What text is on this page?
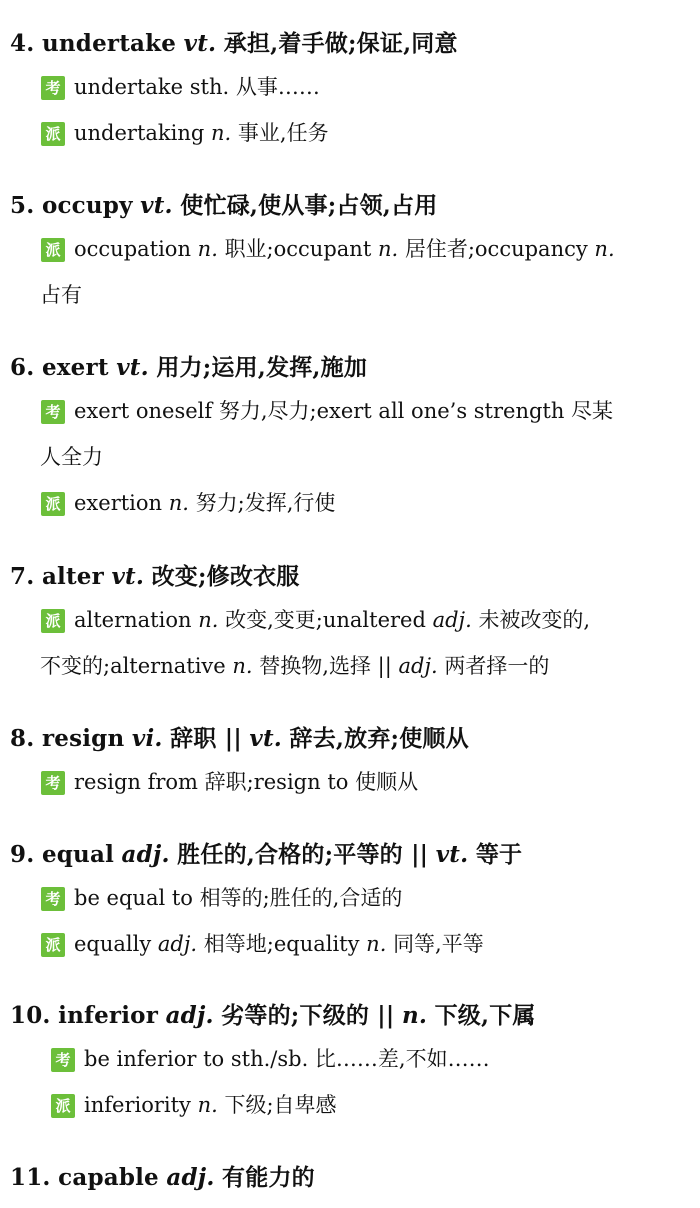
4. undertake vt. 承担,着手做;保证,同意
考 undertake sth. 从事……
派 undertaking n. 事业,任务
5. occupy vt. 使忙碌,使从事;占领,占用
派 occupation n. 职业;occupant n. 居住者;occupancy n.
占有
6. exert vt. 用力;运用,发挥,施加
考 exert oneself 努力,尽力;exert all one’s strength 尽某
人全力
派 exertion n. 努力;发挥,行使
7. alter vt. 改变;修改衣服
派 alternation n. 改变,变更;unaltered adj. 未被改变的,
不变的;alternative n. 替换物,选择 || adj. 两者择一的
8. resign vi. 辞职 || vt. 辞去,放弃;使顺从
考 resign from 辞职;resign to 使顺从
9. equal adj. 胜任的,合格的;平等的 || vt. 等于
考 be equal to 相等的;胜任的,合适的
派 equally adj. 相等地;equality n. 同等,平等
10. inferior adj. 劣等的;下级的 || n. 下级,下属
考 be inferior to sth./sb. 比……差,不如……
派 inferiority n. 下级;自卑感
11. capable adj. 有能力的
